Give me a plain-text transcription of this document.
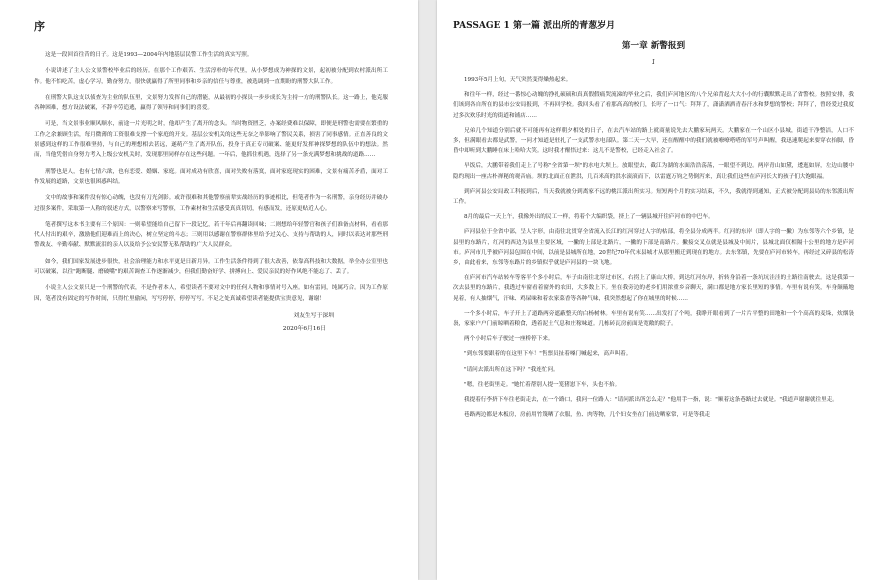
序

这是一段回首往昔的日子。这是1993—2004年内地基层民警工作生活的真实写照。

小说讲述了主人公文景警校毕业后的经历。在那个工作艰苦、生活淳朴的年代里，从小梦想成为神探的文景，起初被分配到农村派出所工作。他不怕吃苦，虚心学习，勤奋努力，很快就赢得了所里同事和乡亲的信任与尊重，被选调到一直期盼的刑警大队工作。

在刑警大队这支以侦查为主业的队伍里，文景努力发挥自己的潜能，从最初的小探员一步步成长为主持一方的刑警队长。这一路上，他克服各种困难，想方设法破案，不辞辛劳追逃，赢得了领导和同事们的喜爱。

可是，当文景事业顺风顺水，前途一片光明之时，他却产生了离开的念头。当时物资匮乏，办案经费难以保障，即便是刑警也需要在繁重的工作之余兼顾生活，每月微薄的工资很难支撑一个家庭的开支。基层公安机关的这些无奈之举影响了警民关系，损害了同事感情。正直善良的文景感到这样的工作很难坚持，与自己的理想相去甚远，遂萌产生了离开队伍，投身于真正专司破案、能更好发挥神探梦想的队伍中的想法。然而，当他凭借自身努力考入上级公安机关时，发现那里同样存在这些问题。一年后，他抓住机遇，选择了另一条充满梦想和挑战的道路……

刑警也是人，也有七情六欲，也有恋爱、婚姻、家庭。面对成功有欣喜，面对失败有落寞，面对家庭现实的困难，文景有痛苦矛盾，面对工作发展的道路，文景也很困惑纠结。

文中的故事和案件没有惊心动魄，也没有刀光剑影。或许很难和其他警察前辈实战经历的事迹相比，但笔者作为一名刑警，亲身经历并破办过很多案件，采取第一人称的叙述方式，以警察来写警察，工作素材和生活感受真真切切，有感而发，还原更贴近人心。

笔者撰写这本书主要有三个原因：一则希望能给自己留下一段记忆，若干年后再翻读回味；二则想给年轻警官和孩子们准备点材料，看看那代人付出的艰辛，激励他们迎难而上的决心，树立坚定的斗志；三则用以感谢在警察群体里给予过关心、支持与帮助的人，同时以表达对那些刑警战友、辛勤奉献、默默流泪的亲人以及给予公安民警无私帮助的广大人民群众。

如今，我们国家发展进步很快，社会治理能力和水平更是日新月异。工作生活条件得到了很大改善，依靠高科技和大数据，举全办公室里也可以破案，以往"跑断腿、磨破嘴"的艰苦调查工作逐渐减少，但我们勤奋好学、拼搏向上、爱民亲民的好作风绝不能忘了、丢了。

小说主人公文景只是一个刑警的代表，不是作者本人，希望读者不要对文中的任何人物和事情对号入座。如有雷同，纯属巧合。因为工作原因，笔者没有固定的写作时间，只得忙里偷闲，写写停停，停停写写。不足之处真诚希望读者能提供宝贵意见，谢谢！

刘友生写于深圳

2020年6月16日

PASSAGE 1 第一篇 派出所的青葱岁月
第一章 新警报到
1

1993年5月上旬，天气突然变得燥热起来。

和往年一样，经过一番惊心动魄的挣扎硕硕和真真假假痛哭流涕的毕业之后，我们庐河地区的八个兄弟背起大大小小的行囊默默走出了省警校。按照安排，我们该到各自所在的县市公安局报到，不再回学校。我回头看了看那高高的校门，长吁了一口气：拜拜了，潇潇洒洒青春汗水和梦想的警校；拜拜了，曾经爱过我度过多次欢乐时光的街道和铺店……

兄弟几个知道分别后就不可能再有这样朝夕相处的日子，在去汽车站的路上就商量说先去大鹏家玩两天。大鹏家在一个山区小县城，街道干净整洁，人口不多，但满眼看去都是武警，一问才知道是驻扎了一支武警水电部队。第二天一大早，还在醒醒中的我们就被嘹嘹嗒嗒的军号声叫醒，我迅速爬起来要穿衣抬脚，昏昏中却听到大鹏睡在床上哈哈大笑。这时我才醒悟过来：这儿不是警校，已经走入社会了。

早饭后，大鹏带着我们走上了号称"全省第一坝"的水电大坝上。放眼望去，截江为湖的水面浩浩荡荡，一眼望不到边。两岸青山如黛，逶迤如屏，左边山腰中隐约现出一座古朴禅秘的观音庙。坝的北面正在泄洪，几百米高的洪水滚滚而下，以雷霆万钧之势倒泻来，真让我们这些在庐河长大的孩子们大饱眼福。

到庐河县公安局政工科报到后，当天我就被分到离家不远的桃江派出所实习。短短两个月的实习结束，不久，我就得到通知，正式被分配到县局的东邻派出所工作。

8月的最后一天上午，我像外出的民工一样，将着个大编织袋，挤上了一辆县城开往庐河市的中巴车。

庐河县位于全省中部，呈人字形，由南往北贯穿全省流入长江的红河穿过人字的枯部，将全县分成两半。红河的东岸（即人字的一撇）为东邻等六个乡镇，是县里的东路片，红河的西边为县里主要区域，一撇的上部是北路片，一撇的下部是南路片。撇接交叉点就是县城及中间片，县城北面仅相隔十公里的地方是庐河市。庐河市几乎被庐河县包围在中间，以前是县城所在地，20世纪70年代末县城才从那里搬迁到现在的地方。去东邻镇，先要在庐河市转车，再经过又碎县的松涛乡，由此看来，东邻等东路片的乡镇似乎就是庐河县的一块飞地。

在庐河市汽车站转车等客半个多小时后，车子由南往北穿过市区，右拐上了康山大桥，到达红河东岸，折转身沿着一条坑坑洼洼的土路往南驶去。这是我第一次去县里的东路片，我透过车窗看着窗外的农田，大多数上下。坐在我旁边的老乡们用浓重乡音聊天，满口都是地方家长里短的事情。车里有说有笑，车身颠簸地晃着，有人抽烟气，汗味、鸡屎味和着农家菜香等各种气味，我突然想起了你在城里的时候……

一个多小时后，车子开上了道路两旁遮蔽整天的白杨树林。车里有说有笑……出发打了个吨，我睁开眼看到了一片片平整的田地和一个个高高的麦垛，炊烟袅袅，家家户户门前晾晒着粮食，透着泥土气息和庄稼味道。几栋砖瓦房前面是宽敞的院子。

两个小时后车子驶过一座桥停下来。

"到东邻要跟着的在这里下车！"售票员扯着嗓门喊起来，高声叫着。

"请问去派出所在这下吗？"我连忙问。

"嗯，往老街里走。"她忙着帮别人提一笼猪崽下车，头也不抬。

我提着行李挤下车往老街走去，在一个路口，我问一位路人："请问派出所怎么走？"他用手一指，说："顺着这条巷路过去就是。"我道声谢谢就往里走。

巷路两边都是木板房，房前用竹篾晒了衣服，鱼、肉等物，几个妇女坐在门前边晒家常，可是等我走
